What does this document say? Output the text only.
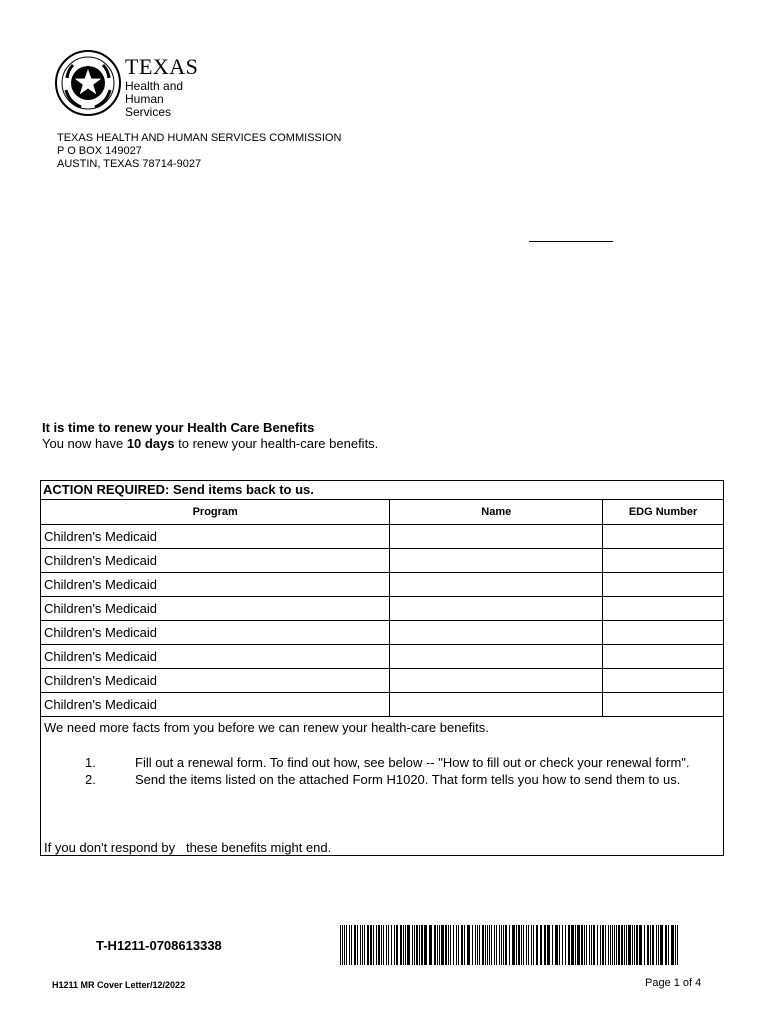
TEXAS
Health and Human
Services
TEXAS HEALTH AND HUMAN SERVICES COMMISSION
P O BOX 149027
AUSTIN, TEXAS 78714-9027
It is time to renew your Health Care Benefits
You now have 10 days to renew your health-care benefits.
ACTION REQUIRED: Send items back to us.
Program	Name	EDG Number
Children's Medicaid		
Children's Medicaid		
Children's Medicaid		
Children's Medicaid		
Children's Medicaid		
Children's Medicaid		
Children's Medicaid		
Children's Medicaid		
We need more facts from you before we can renew your health-care benefits.
1.	Fill out a renewal form. To find out how, see below -- "How to fill out or check your renewal form".
2.	Send the items listed on the attached Form H1020. That form tells you how to send them to us.
If you don't respond by   these benefits might end.
T-H1211-0708613338
H1211 MR Cover Letter/12/2022	Page 1 of 4
